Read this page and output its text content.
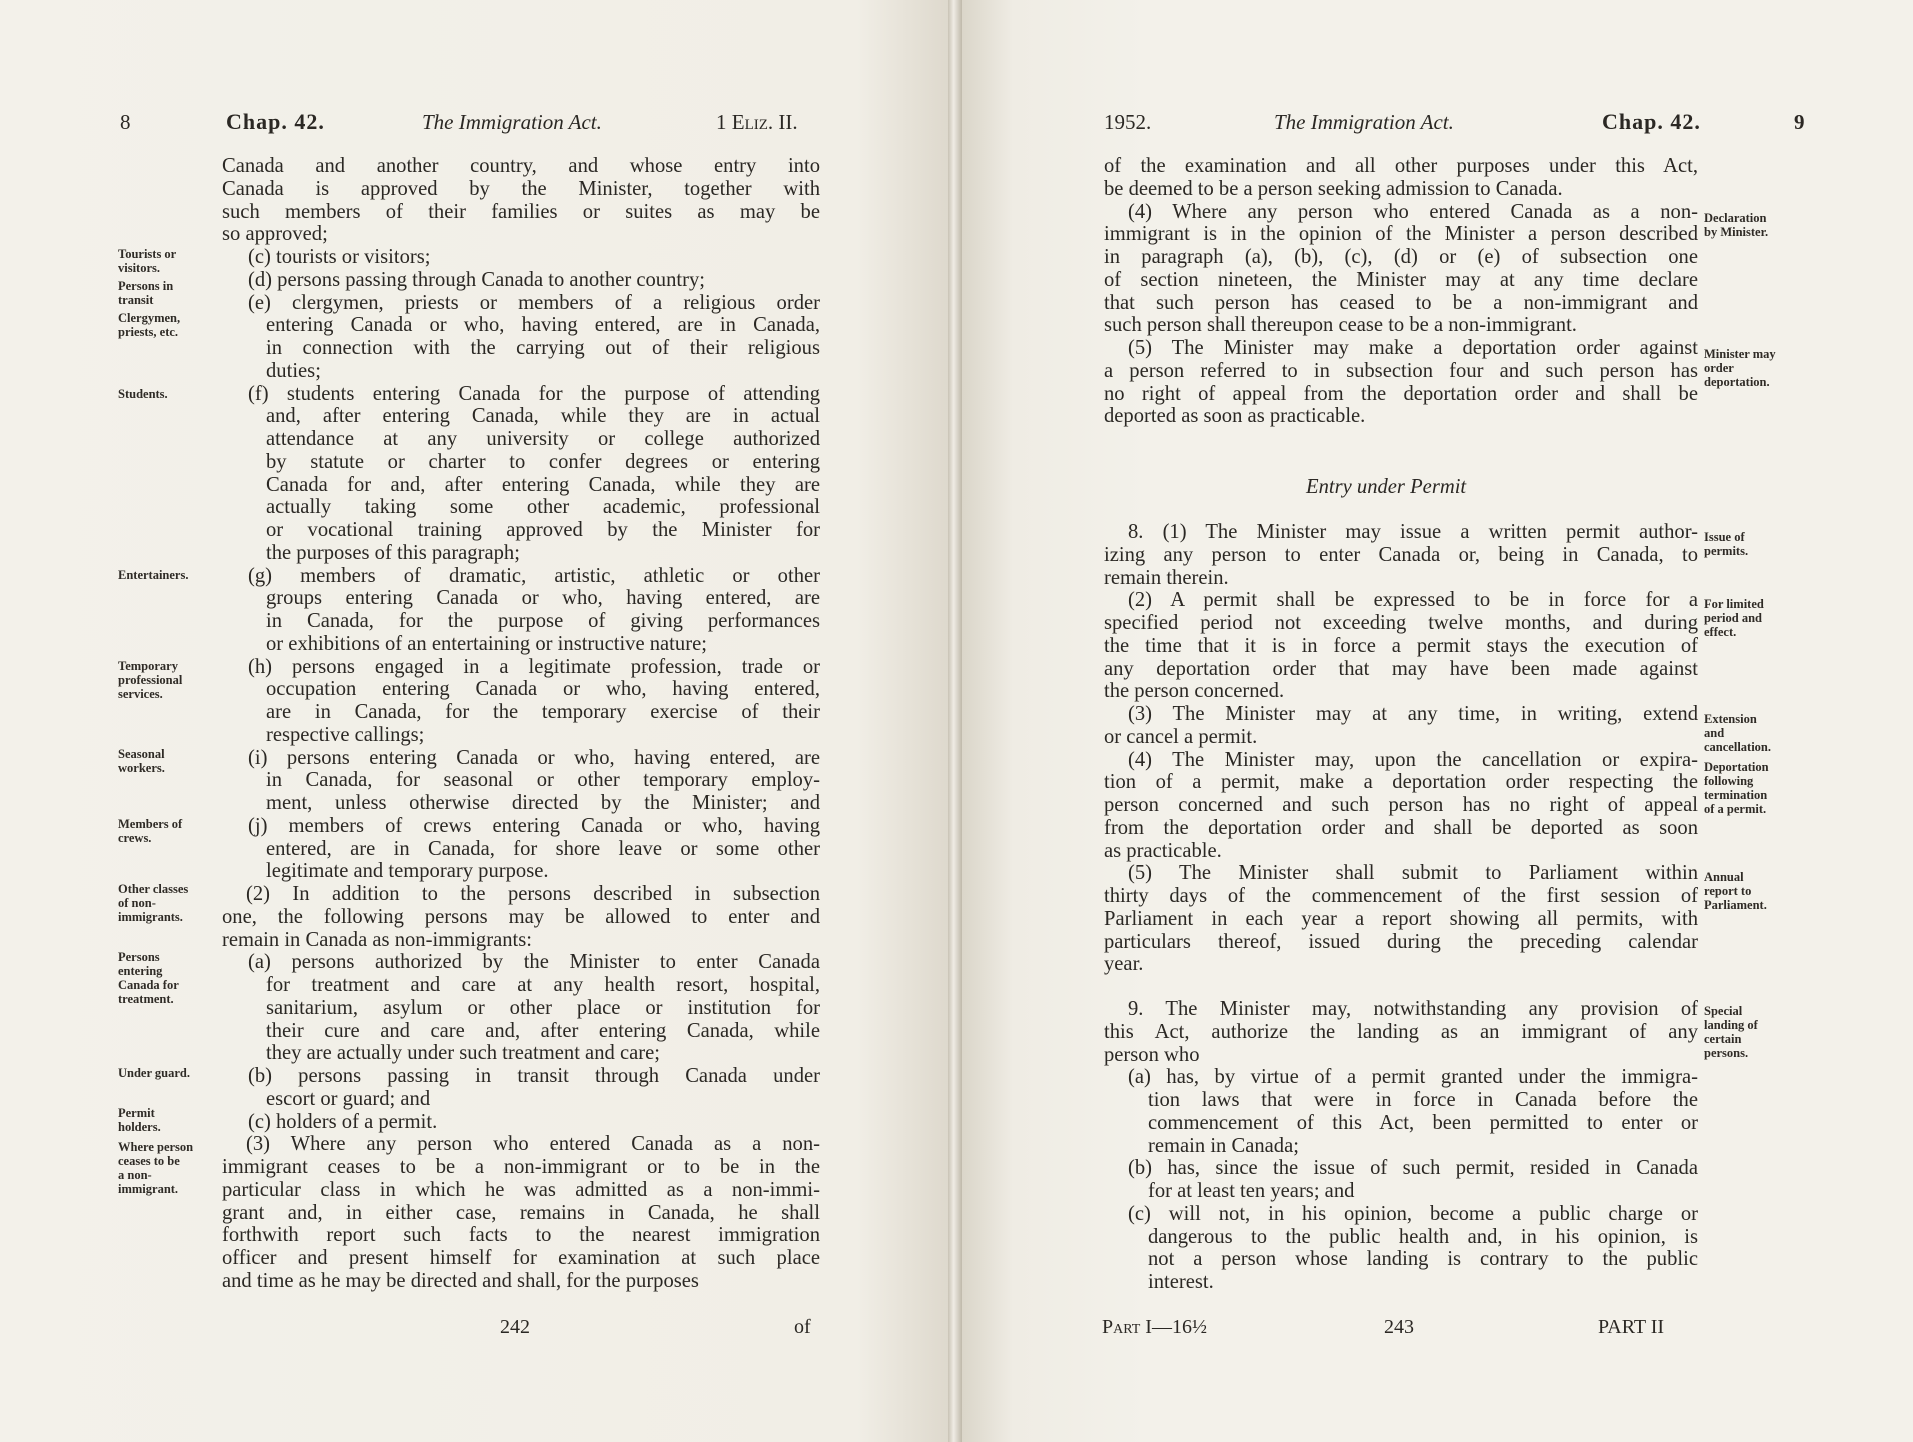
8	Chap. 42.	The Immigration Act.	1 Eliz. II.
Canada and another country, and whose entry into
Canada is approved by the Minister, together with
such members of their families or suites as may be
so approved;
(c) tourists or visitors;
(d) persons passing through Canada to another country;
(e) clergymen, priests or members of a religious order
entering Canada or who, having entered, are in Canada,
in connection with the carrying out of their religious
duties;
(f) students entering Canada for the purpose of attending
and, after entering Canada, while they are in actual
attendance at any university or college authorized
by statute or charter to confer degrees or entering
Canada for and, after entering Canada, while they are
actually taking some other academic, professional
or vocational training approved by the Minister for
the purposes of this paragraph;
(g) members of dramatic, artistic, athletic or other
groups entering Canada or who, having entered, are
in Canada, for the purpose of giving performances
or exhibitions of an entertaining or instructive nature;
(h) persons engaged in a legitimate profession, trade or
occupation entering Canada or who, having entered,
are in Canada, for the temporary exercise of their
respective callings;
(i) persons entering Canada or who, having entered, are
in Canada, for seasonal or other temporary employ-
ment, unless otherwise directed by the Minister; and
(j) members of crews entering Canada or who, having
entered, are in Canada, for shore leave or some other
legitimate and temporary purpose.
(2) In addition to the persons described in subsection
one, the following persons may be allowed to enter and
remain in Canada as non-immigrants:
(a) persons authorized by the Minister to enter Canada
for treatment and care at any health resort, hospital,
sanitarium, asylum or other place or institution for
their cure and care and, after entering Canada, while
they are actually under such treatment and care;
(b) persons passing in transit through Canada under
escort or guard; and
(c) holders of a permit.
(3) Where any person who entered Canada as a non-
immigrant ceases to be a non-immigrant or to be in the
particular class in which he was admitted as a non-immi-
grant and, in either case, remains in Canada, he shall
forthwith report such facts to the nearest immigration
officer and present himself for examination at such place
and time as he may be directed and shall, for the purposes
Tourists or
visitors.
Persons in
transit
Clergymen,
priests, etc.
Students.
Entertainers.
Temporary
professional
services.
Seasonal
workers.
Members of
crews.
Other classes
of non-
immigrants.
Persons
entering
Canada for
treatment.
Under guard.
Permit
holders.
Where person
ceases to be
a non-
immigrant.
242	of
1952.	The Immigration Act.	Chap. 42.	9
of the examination and all other purposes under this Act,
be deemed to be a person seeking admission to Canada.
(4) Where any person who entered Canada as a non-
immigrant is in the opinion of the Minister a person described
in paragraph (a), (b), (c), (d) or (e) of subsection one
of section nineteen, the Minister may at any time declare
that such person has ceased to be a non-immigrant and
such person shall thereupon cease to be a non-immigrant.
(5) The Minister may make a deportation order against
a person referred to in subsection four and such person has
no right of appeal from the deportation order and shall be
deported as soon as practicable.
Entry under Permit
8. (1) The Minister may issue a written permit author-
izing any person to enter Canada or, being in Canada, to
remain therein.
(2) A permit shall be expressed to be in force for a
specified period not exceeding twelve months, and during
the time that it is in force a permit stays the execution of
any deportation order that may have been made against
the person concerned.
(3) The Minister may at any time, in writing, extend
or cancel a permit.
(4) The Minister may, upon the cancellation or expira-
tion of a permit, make a deportation order respecting the
person concerned and such person has no right of appeal
from the deportation order and shall be deported as soon
as practicable.
(5) The Minister shall submit to Parliament within
thirty days of the commencement of the first session of
Parliament in each year a report showing all permits, with
particulars thereof, issued during the preceding calendar
year.
9. The Minister may, notwithstanding any provision of
this Act, authorize the landing as an immigrant of any
person who
(a) has, by virtue of a permit granted under the immigra-
tion laws that were in force in Canada before the
commencement of this Act, been permitted to enter or
remain in Canada;
(b) has, since the issue of such permit, resided in Canada
for at least ten years; and
(c) will not, in his opinion, become a public charge or
dangerous to the public health and, in his opinion, is
not a person whose landing is contrary to the public
interest.
Declaration
by Minister.
Minister may
order
deportation.
Issue of
permits.
For limited
period and
effect.
Extension
and
cancellation.
Deportation
following
termination
of a permit.
Annual
report to
Parliament.
Special
landing of
certain
persons.
Part I—16½	243	PART II
